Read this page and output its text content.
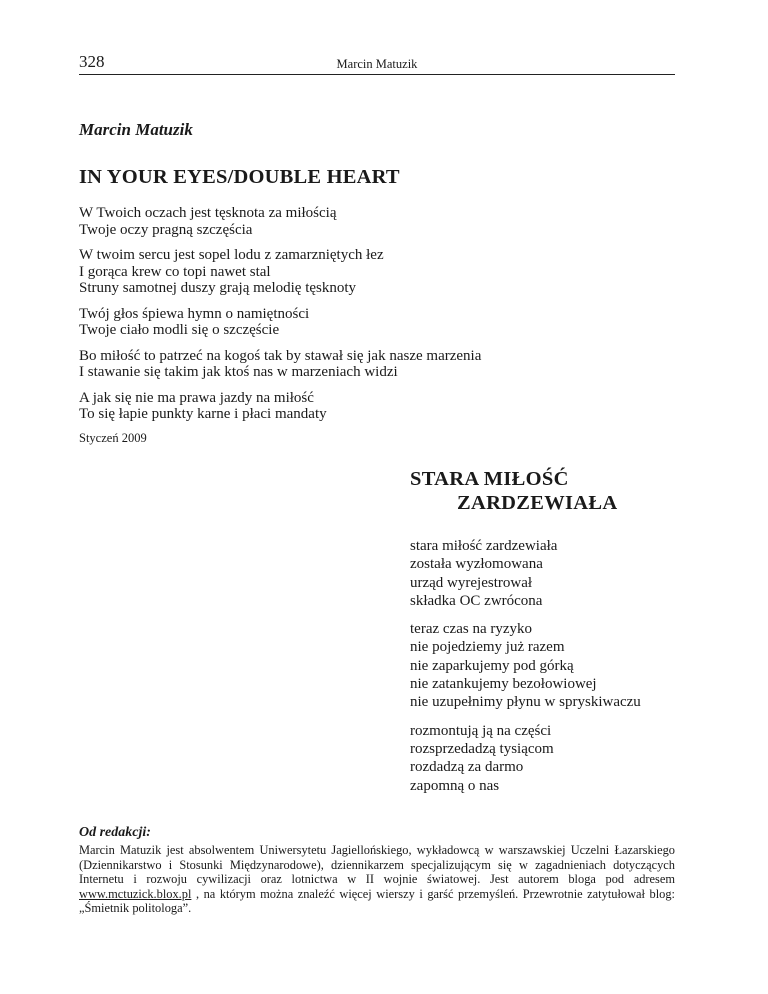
328	Marcin Matuzik
Marcin Matuzik
IN YOUR EYES/DOUBLE HEART
W Twoich oczach jest tęsknota za miłością
Twoje oczy pragną szczęścia
W twoim sercu jest sopel lodu z zamarzniętych łez
I gorąca krew co topi nawet stal
Struny samotnej duszy grają melodię tęsknoty
Twój głos śpiewa hymn o namiętności
Twoje ciało modli się o szczęście
Bo miłość to patrzeć na kogoś tak by stawał się jak nasze marzenia
I stawanie się takim jak ktoś nas w marzeniach widzi
A jak się nie ma prawa jazdy na miłość
To się łapie punkty karne i płaci mandaty
Styczeń 2009
STARA MIŁOŚĆ
ZARDZEWIAŁA
stara miłość zardzewiała
została wyzłomowana
urząd wyrejestrował
składka OC zwrócona
teraz czas na ryzyko
nie pojedziemy już razem
nie zaparkujemy pod górką
nie zatankujemy bezołowiowej
nie uzupełnimy płynu w spryskiwaczu
rozmontują ją na części
rozsprzedadzą tysiącom
rozdadzą za darmo
zapomną o nas
Od redakcji:
Marcin Matuzik jest absolwentem Uniwersytetu Jagiellońskiego, wykładowcą w warszawskiej Uczelni Łazarskiego (Dziennikarstwo i Stosunki Międzynarodowe), dziennikarzem specjalizującym się w zagadnieniach dotyczących Internetu i rozwoju cywilizacji oraz lotnictwa w II wojnie światowej. Jest autorem bloga pod adresem www.mctuzick.blox.pl , na którym można znaleźć więcej wierszy i garść przemyśleń. Przewrotnie zatytułował blog: „Śmietnik politologa”.
